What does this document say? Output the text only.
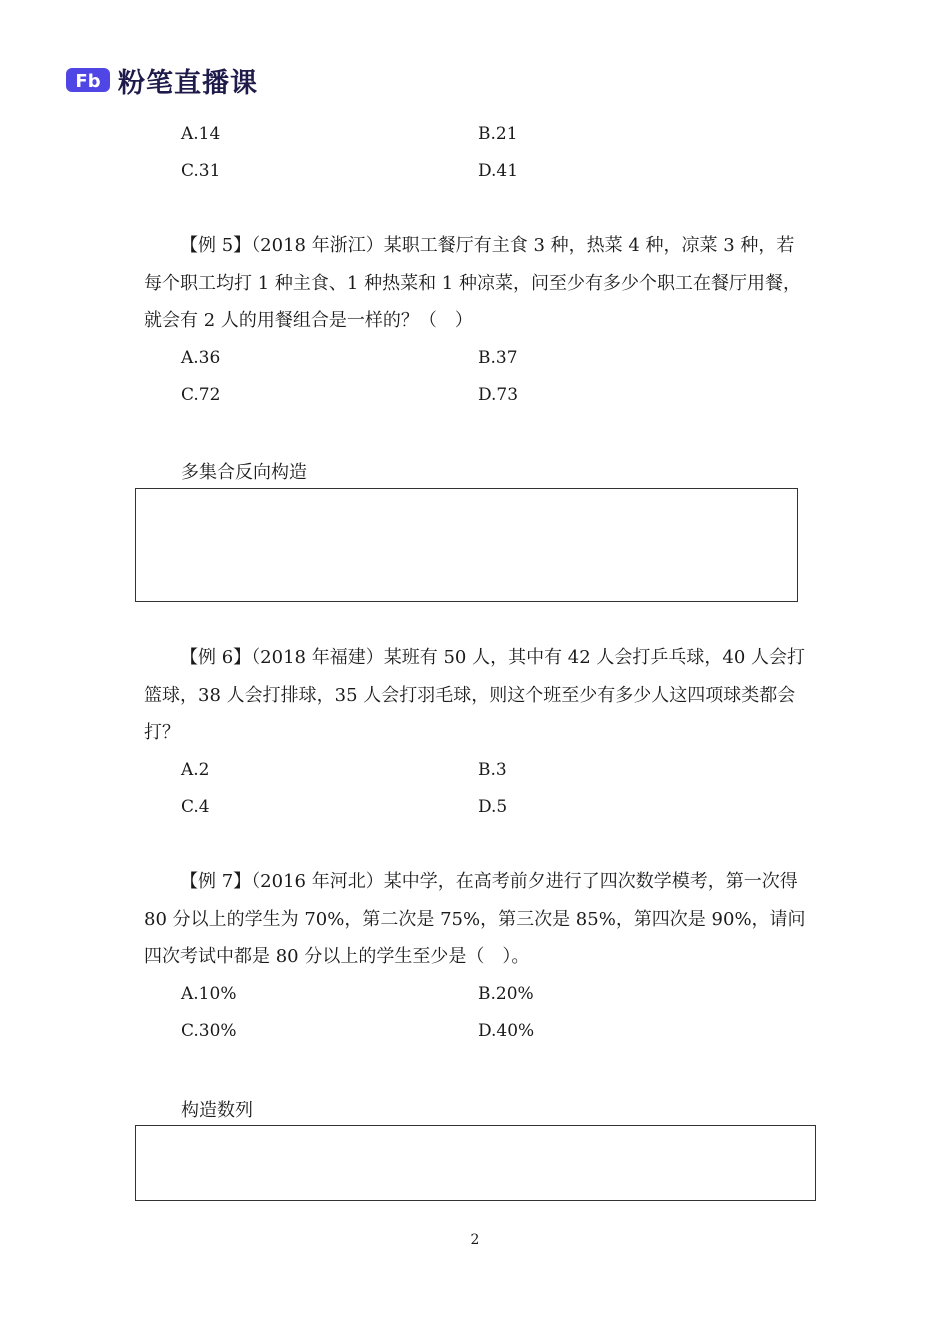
Fb 粉笔直播课
A.14	B.21
C.31	D.41

【例 5】（2018 年浙江）某职工餐厅有主食 3 种，热菜 4 种，凉菜 3 种，若每个职工均打 1 种主食、1 种热菜和 1 种凉菜，问至少有多少个职工在餐厅用餐，就会有 2 人的用餐组合是一样的？（　）

A.36	B.37
C.72	D.73
多集合反向构造

【例 6】（2018 年福建）某班有 50 人，其中有 42 人会打乒乓球，40 人会打篮球，38 人会打排球，35 人会打羽毛球，则这个班至少有多少人这四项球类都会打？

A.2	B.3
C.4	D.5

【例 7】（2016 年河北）某中学，在高考前夕进行了四次数学模考，第一次得 80 分以上的学生为 70%，第二次是 75%，第三次是 85%，第四次是 90%，请问四次考试中都是 80 分以上的学生至少是（　）。

A.10%	B.20%
C.30%	D.40%
构造数列
2
